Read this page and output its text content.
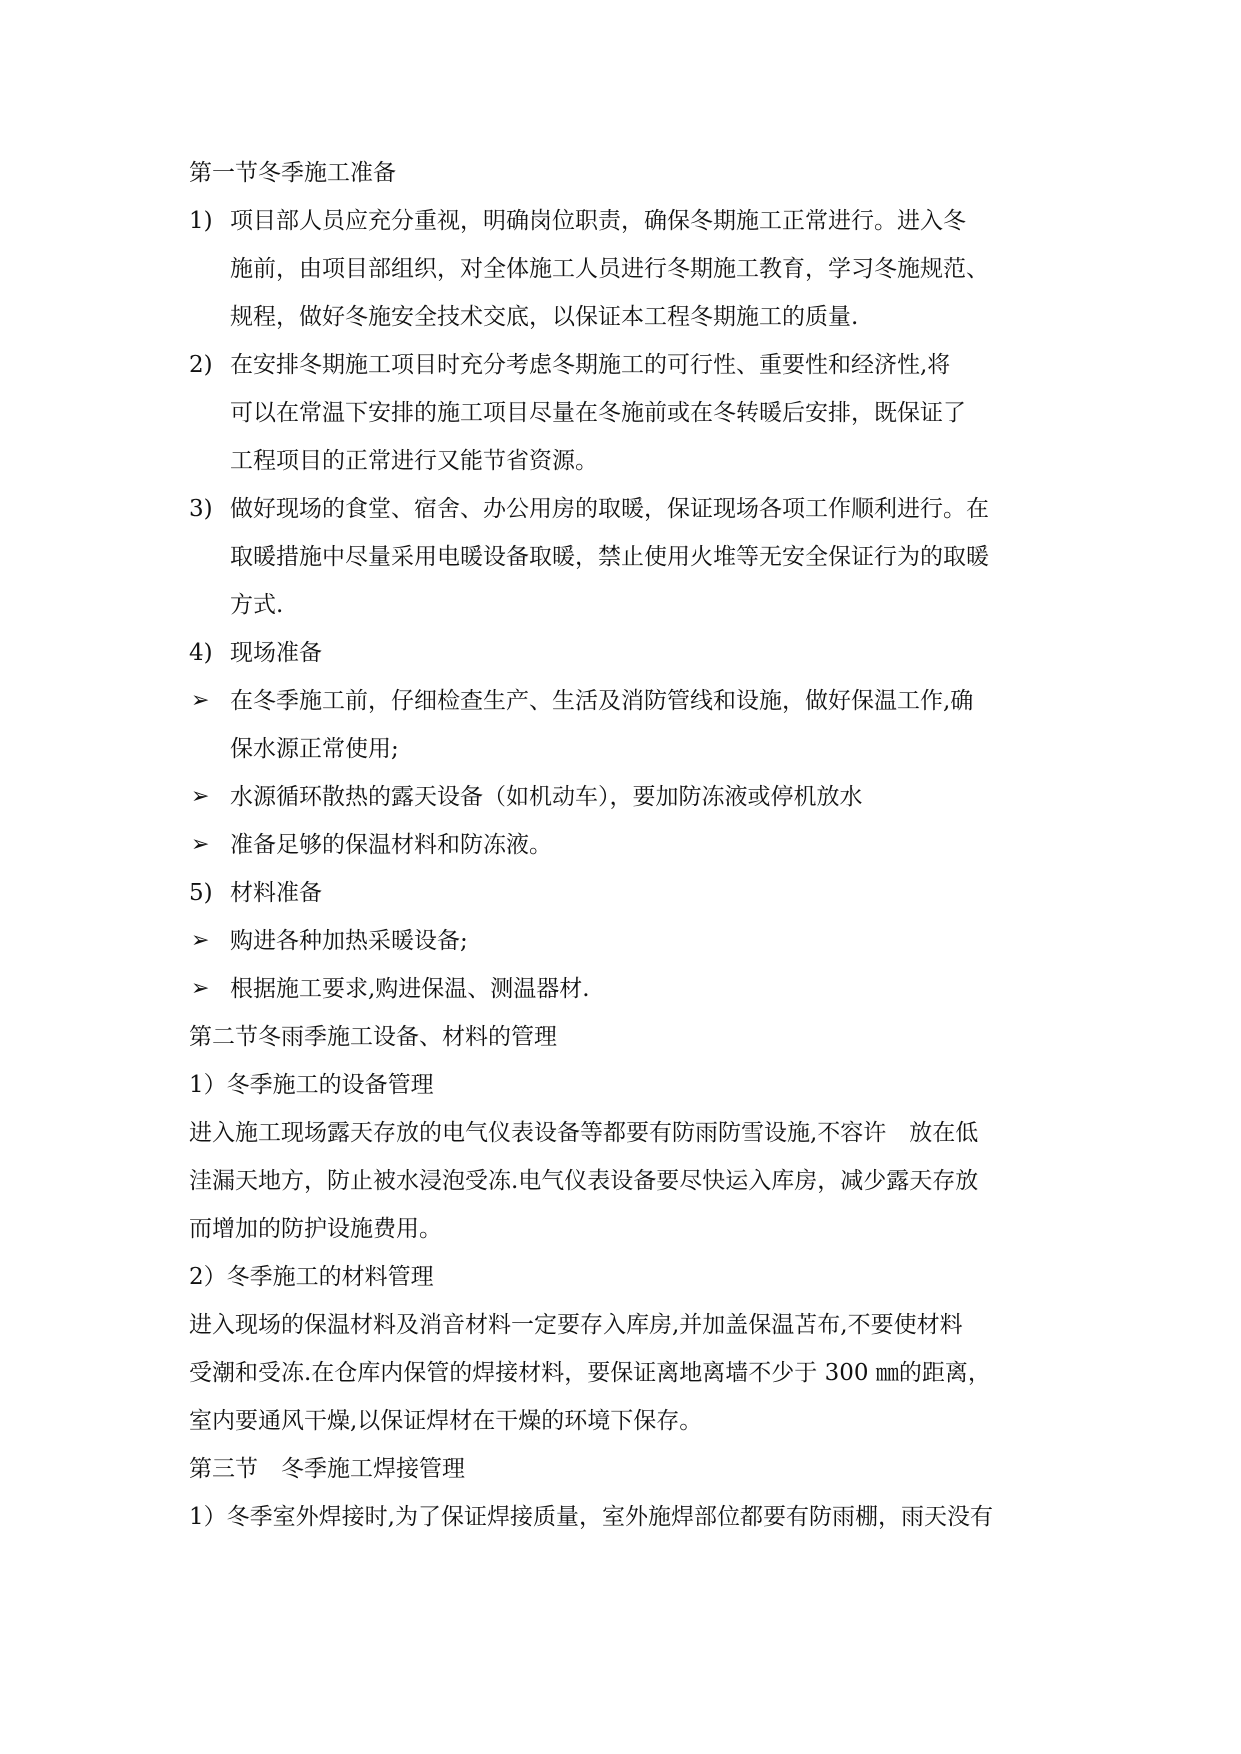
第一节冬季施工准备
1) 项目部人员应充分重视，明确岗位职责，确保冬期施工正常进行。进入冬
施前，由项目部组织，对全体施工人员进行冬期施工教育，学习冬施规范、
规程，做好冬施安全技术交底，以保证本工程冬期施工的质量.
2) 在安排冬期施工项目时充分考虑冬期施工的可行性、重要性和经济性,将
可以在常温下安排的施工项目尽量在冬施前或在冬转暖后安排，既保证了
工程项目的正常进行又能节省资源。
3) 做好现场的食堂、宿舍、办公用房的取暖，保证现场各项工作顺利进行。在
取暖措施中尽量采用电暖设备取暖，禁止使用火堆等无安全保证行为的取暖
方式.
4) 现场准备
➢ 在冬季施工前，仔细检查生产、生活及消防管线和设施，做好保温工作,确
保水源正常使用;
➢ 水源循环散热的露天设备（如机动车），要加防冻液或停机放水
➢ 准备足够的保温材料和防冻液。
5) 材料准备
➢ 购进各种加热采暖设备;
➢ 根据施工要求,购进保温、测温器材.
第二节冬雨季施工设备、材料的管理
1）冬季施工的设备管理
进入施工现场露天存放的电气仪表设备等都要有防雨防雪设施,不容许　放在低
洼漏天地方，防止被水浸泡受冻.电气仪表设备要尽快运入库房，减少露天存放
而增加的防护设施费用。
2）冬季施工的材料管理
进入现场的保温材料及消音材料一定要存入库房,并加盖保温苫布,不要使材料
受潮和受冻.在仓库内保管的焊接材料，要保证离地离墙不少于 300 ㎜的距离，
室内要通风干燥,以保证焊材在干燥的环境下保存。
第三节　冬季施工焊接管理
1）冬季室外焊接时,为了保证焊接质量，室外施焊部位都要有防雨棚，雨天没有
